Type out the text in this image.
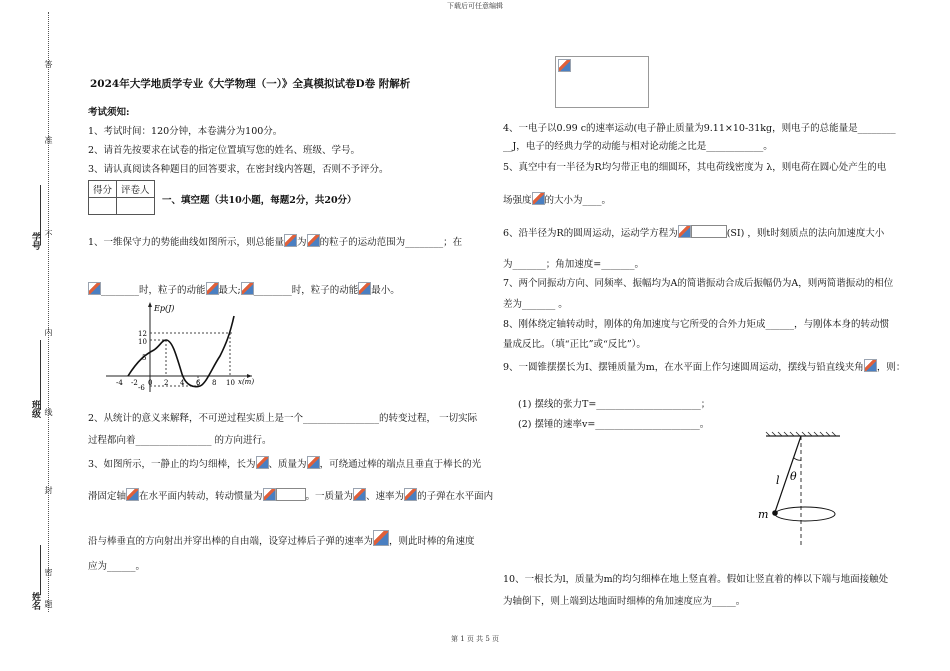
下载后可任意编辑
第 1 页 共 5 页
学号
班级
姓名
答
准
不
内
线
封
密
题
2024年大学地质学专业《大学物理（一）》全真模拟试卷D卷 附解析
考试须知:
1、考试时间：120分钟，本卷满分为100分。
2、请首先按要求在试卷的指定位置填写您的姓名、班级、学号。
3、请认真阅读各种题目的回答要求，在密封线内答题，否则不予评分。
得分	评卷人

一、填空题（共10小题，每题2分，共20分）
1、一维保守力的势能曲线如图所示，则总能量 为 的粒子的运动范围为________；在
________时，粒子的动能 最大; ________时，粒子的动能 最小。
Ep(J)
x(m)
12
10
5
-6
-4 -2 0 2 4 6 8 10
2、从统计的意义来解释，不可逆过程实质上是一个________________的转变过程， 一切实际
过程都向着________________ 的方向进行。
3、如图所示，一静止的均匀细棒，长为 、质量为 ，可绕通过棒的端点且垂直于棒长的光
滑固定轴 在水平面内转动，转动惯量为	。一质量为 、速率为 的子弹在水平面内
沿与棒垂直的方向射出并穿出棒的自由端，设穿过棒后子弹的速率为 ，则此时棒的角速度
应为______。
4、一电子以0.99 c的速率运动(电子静止质量为9.11×10-31kg，则电子的总能量是________
__J，电子的经典力学的动能与相对论动能之比是____________。
5、真空中有一半径为R均匀带正电的细圆环，其电荷线密度为 λ，则电荷在圆心处产生的电
场强度 的大小为____。
6、沿半径为R的圆周运动，运动学方程为	(SI) ，则t时刻质点的法向加速度大小
为_______；角加速度=_______。
7、两个同振动方向、同频率、振幅均为A的简谐振动合成后振幅仍为A，则两简谐振动的相位
差为_______ 。
8、刚体绕定轴转动时，刚体的角加速度与它所受的合外力矩成______，与刚体本身的转动惯
量成反比。（填“正比”或“反比”）。
9、一圆锥摆摆长为I、摆锤质量为m，在水平面上作匀速圆周运动，摆线与铅直线夹角 ，则：
(1) 摆线的张力T=______________________；
(2) 摆锤的速率v=______________________。
l θ
m
10、一根长为l，质量为m的均匀细棒在地上竖直着。假如让竖直着的棒以下端与地面接触处
为轴倒下，则上端到达地面时细棒的角加速度应为_____。
